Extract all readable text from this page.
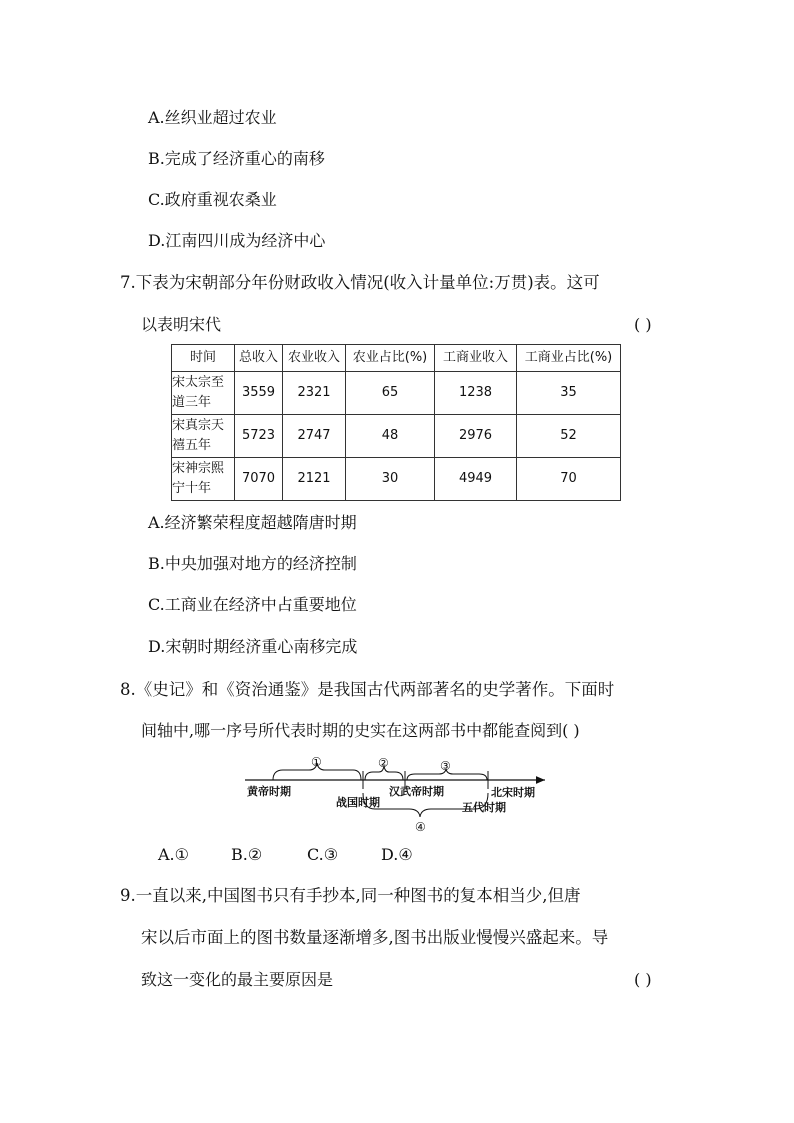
A.丝织业超过农业
B.完成了经济重心的南移
C.政府重视农桑业
D.江南四川成为经济中心
7.下表为宋朝部分年份财政收入情况(收入计量单位:万贯)表。这可
以表明宋代	( )
时间	总收入	农业收入	农业占比(%)	工商业收入	工商业占比(%)
宋太宗至道三年	3559	2321	65	1238	35
宋真宗天禧五年	5723	2747	48	2976	52
宋神宗熙宁十年	7070	2121	30	4949	70
A.经济繁荣程度超越隋唐时期
B.中央加强对地方的经济控制
C.工商业在经济中占重要地位
D.宋朝时期经济重心南移完成
8.《史记》和《资治通鉴》是我国古代两部著名的史学著作。下面时
间轴中,哪一序号所代表时期的史实在这两部书中都能查阅到( )
①	②	③
④
黄帝时期
战国时期
汉武帝时期
五代时期
北宋时期
A.①	B.②	C.③	D.④
9.一直以来,中国图书只有手抄本,同一种图书的复本相当少,但唐
宋以后市面上的图书数量逐渐增多,图书出版业慢慢兴盛起来。导
致这一变化的最主要原因是	( )
